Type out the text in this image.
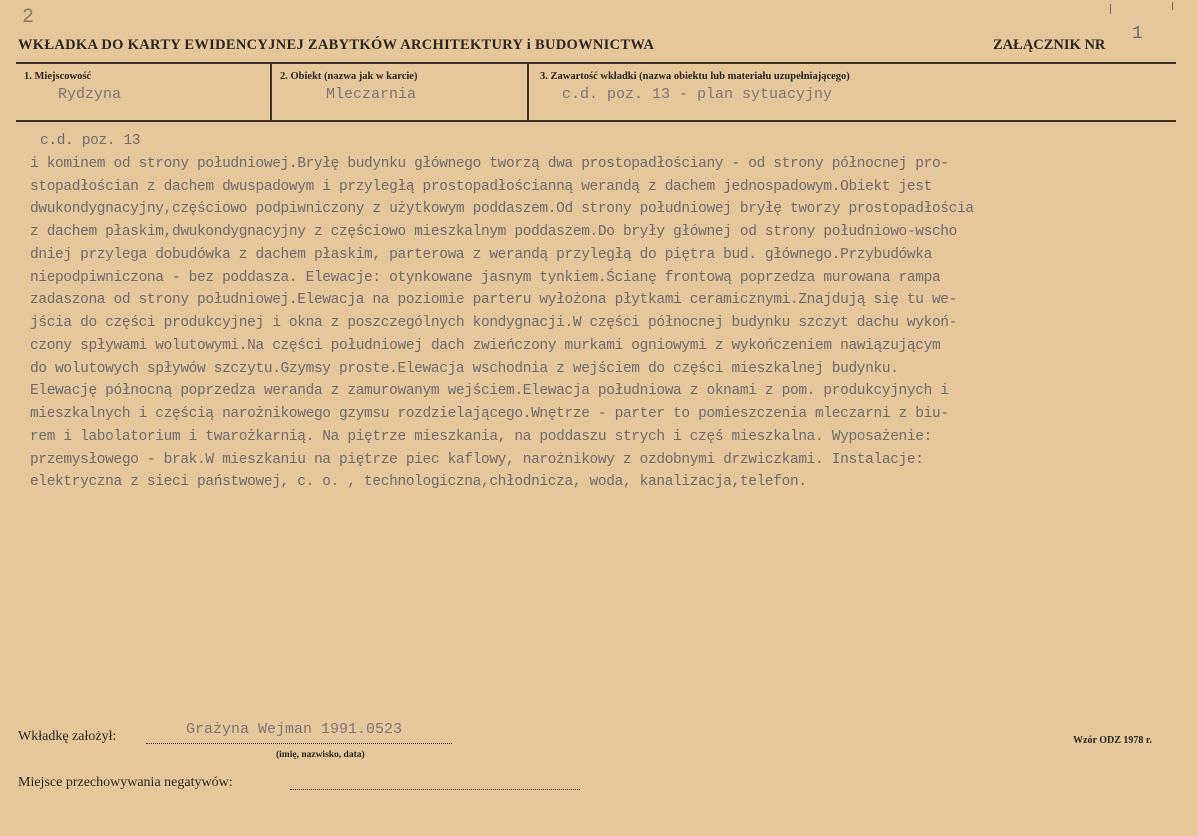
2
WKŁADKA DO KARTY EWIDENCYJNEJ ZABYTKÓW ARCHITEKTURY i BUDOWNICTWA	ZAŁĄCZNIK NR
1
1. Miejscowość
Rydzyna
2. Obiekt (nazwa jak w karcie)
Mleczarnia
3. Zawartość wkładki (nazwa obiektu lub materiału uzupełniającego)
c.d. poz. 13 - plan sytuacyjny
c.d. poz. 13
i kominem od strony południowej.Bryłę budynku głównego tworzą dwa prostopadłościany - od strony północnej pro-
stopadłościan z dachem dwuspadowym i przyległą prostopadłościanną werandą z dachem jednospadowym.Obiekt jest
dwukondygnacyjny,częściowo podpiwniczony z użytkowym poddaszem.Od strony południowej bryłę tworzy prostopadłościa
z dachem płaskim,dwukondygnacyjny z częściowo mieszkalnym poddaszem.Do bryły głównej od strony południowo-wscho
dniej przylega dobudówka z dachem płaskim, parterowa z werandą przyległą do piętra bud. głównego.Przybudówka
niepodpiwniczona - bez poddasza. Elewacje: otynkowane jasnym tynkiem.Ścianę frontową poprzedza murowana rampa
zadaszona od strony południowej.Elewacja na poziomie parteru wyłożona płytkami ceramicznymi.Znajdują się tu we-
jścia do części produkcyjnej i okna z poszczególnych kondygnacji.W części północnej budynku szczyt dachu wykoń-
czony spływami wolutowymi.Na części południowej dach zwieńczony murkami ogniowymi z wykończeniem nawiązującym
do wolutowych spływów szczytu.Gzymsy proste.Elewacja wschodnia z wejściem do części mieszkalnej budynku.
Elewację północną poprzedza weranda z zamurowanym wejściem.Elewacja południowa z oknami z pom. produkcyjnych i
mieszkalnych i częścią narożnikowego gzymsu rozdzielającego.Wnętrze - parter to pomieszczenia mleczarni z biu-
rem i labolatorium i twarożkarnią. Na piętrze mieszkania, na poddaszu strych i częś mieszkalna. Wyposażenie:
przemysłowego - brak.W mieszkaniu na piętrze piec kaflowy, narożnikowy z ozdobnymi drzwiczkami. Instalacje:
elektryczna z sieci państwowej, c. o. , technologiczna,chłodnicza, woda, kanalizacja,telefon.
Wkładkę założył:	Grażyna Wejman 1991.0523
(imię, nazwisko, data)
Wzór ODZ 1978 r.
Miejsce przechowywania negatywów:
